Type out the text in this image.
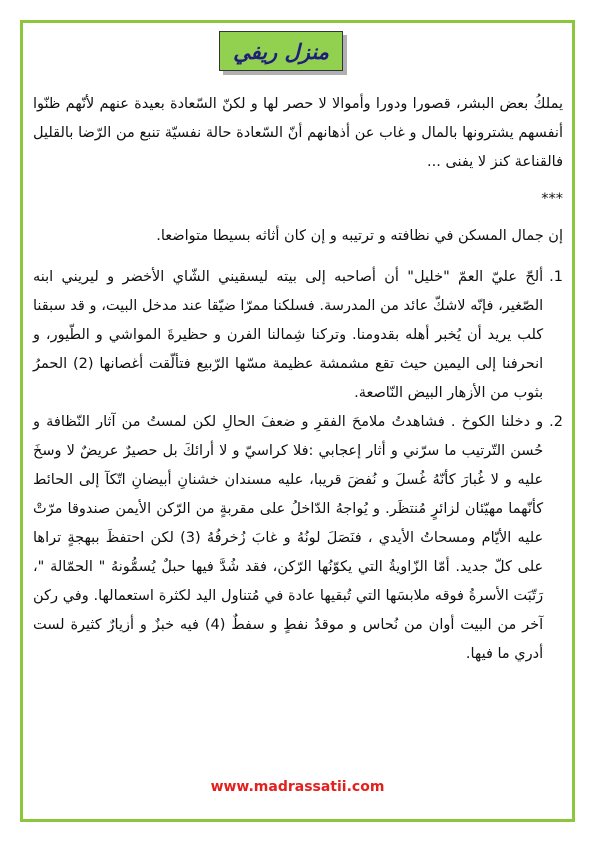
منزل ريفي

يملكُ بعض البشر، قصورا ودورا وأموالا لا حصر لها و لكنّ السّعادة بعيدة عنهم لأنّهم ظنّوا أنفسهم يشترونها بالمال و غاب عن أذهانهم أنّ السّعادة حالة نفسيّة تنبع من الرّضا بالقليل فالقناعة كنز لا يفنى ...

***

إن جمال المسكن في نظافته و ترتيبه و إن كان أثاثه بسيطا متواضعا.

1.
ألحّ عليّ العمّ "خليل" أن أصاحبه إلى بيته ليسقيني الشّاي الأخضر و ليريني ابنه الصّغير، فإنّه لاشكّ عائد من المدرسة. فسلكنا ممرّا ضيّقا عند مدخل البيت، و قد سبقنا كلب يريد أن يُخبر أهله بقدومنا. وتركنا شِمالنا الفرن و حظيرةَ المواشي و الطّيور، و انحرفنا إلى اليمين حيث تقع مشمشة عظيمة مسّها الرّبيع فتألّقت أغصانها (2) الحمرُ بثوب من الأزهار البيض النّاصعة.
2.
و دخلنا الكوخ . فشاهدتُ ملامحَ الفقرِ و ضعفَ الحالِ لكن لمستُ من آثار النّظافة و حُسن التّرتيب ما سرّني و أثار إعجابي :فلا كراسيّ و لا أرائكَ بل حصيرٌ عريضٌ لا وسخَ عليه و لا غُبارَ كأنّهُ غُسلَ و نُفضَ قريبا، عليه مسندان خشنانِ أبيضانِ اتّكآ إلى الحائط كأنّهما مهيّئان لزائرٍ مُنتظَر. و يُواجهُ الدّاخلُ على مقربةٍ من الرّكن الأيمن صندوقا مرّتْ عليه الأيّام ومسحاتُ الأيدي ، فنَصَلَ لونُهُ و غابَ زُخرفُهُ (3) لكن احتفظَ ببهجةٍ تراها على كلّ جديد. أمّا الزّاويةُ التي يكوّنُها الرّكن، فقد شُدَّ فيها حبلٌ يُسمُّونهُ " الحمّالة "، رَتّبَت الأسرةُ فوقه ملابسَها التي تُبقيها عادة في مُتناول اليد لكثرة استعمالها. وفي ركن آخر من البيت أوان من نُحاس و موقدُ نفطٍ و سفطٌ (4) فيه خبزٌ و أزيارٌ كثيرة لست أدري ما فيها.
www.madrassatii.com
